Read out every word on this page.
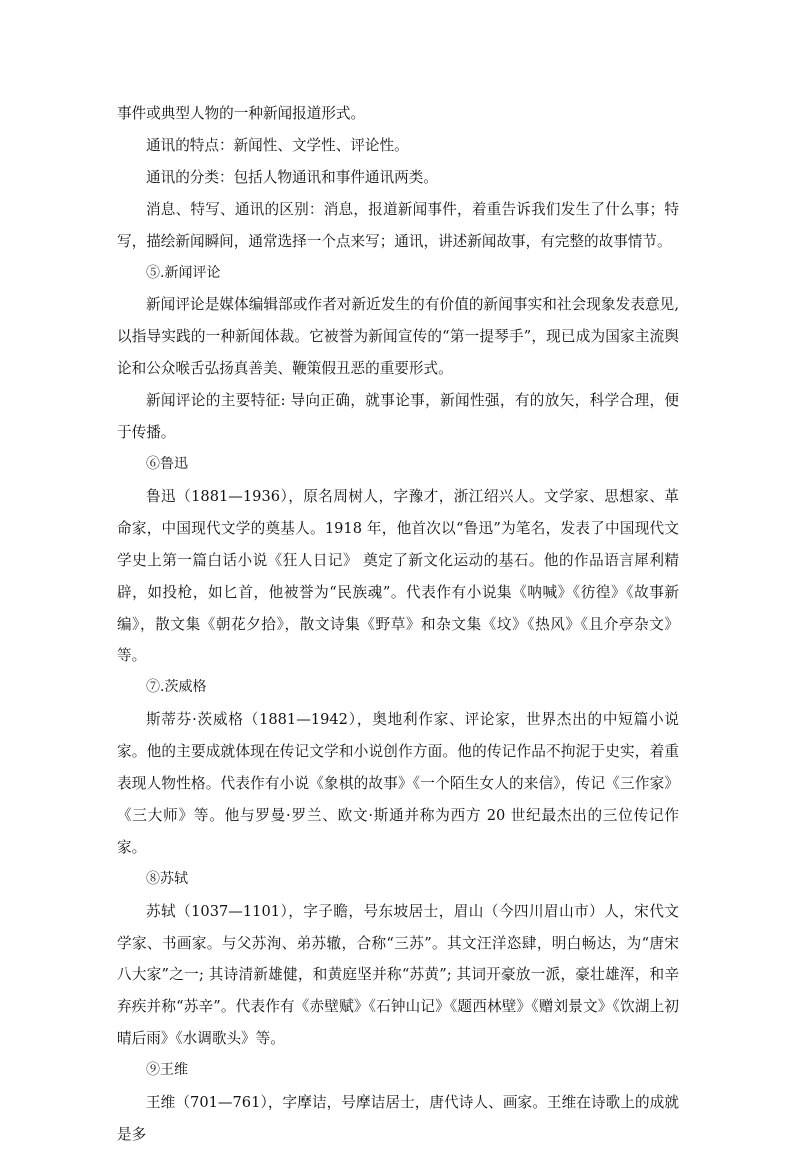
事件或典型人物的一种新闻报道形式。

通讯的特点：新闻性、文学性、评论性。

通讯的分类：包括人物通讯和事件通讯两类。

消息、特写、通讯的区别：消息，报道新闻事件，着重告诉我们发生了什么事；特写，描绘新闻瞬间，通常选择一个点来写；通讯，讲述新闻故事，有完整的故事情节。

⑤.新闻评论

新闻评论是媒体编辑部或作者对新近发生的有价值的新闻事实和社会现象发表意见,以指导实践的一种新闻体裁。它被誉为新闻宣传的“第一提琴手”，现已成为国家主流舆论和公众喉舌弘扬真善美、鞭策假丑恶的重要形式。

新闻评论的主要特征: 导向正确，就事论事，新闻性强，有的放矢，科学合理，便于传播。

⑥鲁迅

鲁迅（1881—1936），原名周树人，字豫才，浙江绍兴人。文学家、思想家、革命家，中国现代文学的奠基人。1918 年，他首次以“鲁迅”为笔名，发表了中国现代文学史上第一篇白话小说《狂人日记》 奠定了新文化运动的基石。他的作品语言犀利精辟，如投枪，如匕首，他被誉为“民族魂”。代表作有小说集《呐喊》《彷徨》《故事新编》，散文集《朝花夕拾》，散文诗集《野草》和杂文集《坟》《热风》《且介亭杂文》等。

⑦.茨威格

斯蒂芬·茨威格（1881—1942），奥地利作家、评论家，世界杰出的中短篇小说家。他的主要成就体现在传记文学和小说创作方面。他的传记作品不拘泥于史实，着重表现人物性格。代表作有小说《象棋的故事》《一个陌生女人的来信》，传记《三作家》《三大师》等。他与罗曼·罗兰、欧文·斯通并称为西方 20 世纪最杰出的三位传记作家。

⑧苏轼

苏轼（1037—1101），字子瞻，号东坡居士，眉山（今四川眉山市）人，宋代文学家、书画家。与父苏洵、弟苏辙，合称“三苏”。其文汪洋恣肆，明白畅达，为“唐宋八大家”之一; 其诗清新雄健，和黄庭坚并称“苏黄”; 其词开豪放一派，豪壮雄浑，和辛弃疾并称“苏辛”。代表作有《赤壁赋》《石钟山记》《题西林壁》《赠刘景文》《饮湖上初晴后雨》《水调歌头》等。

⑨王维

王维（701—761），字摩诘，号摩诘居士，唐代诗人、画家。王维在诗歌上的成就是多
